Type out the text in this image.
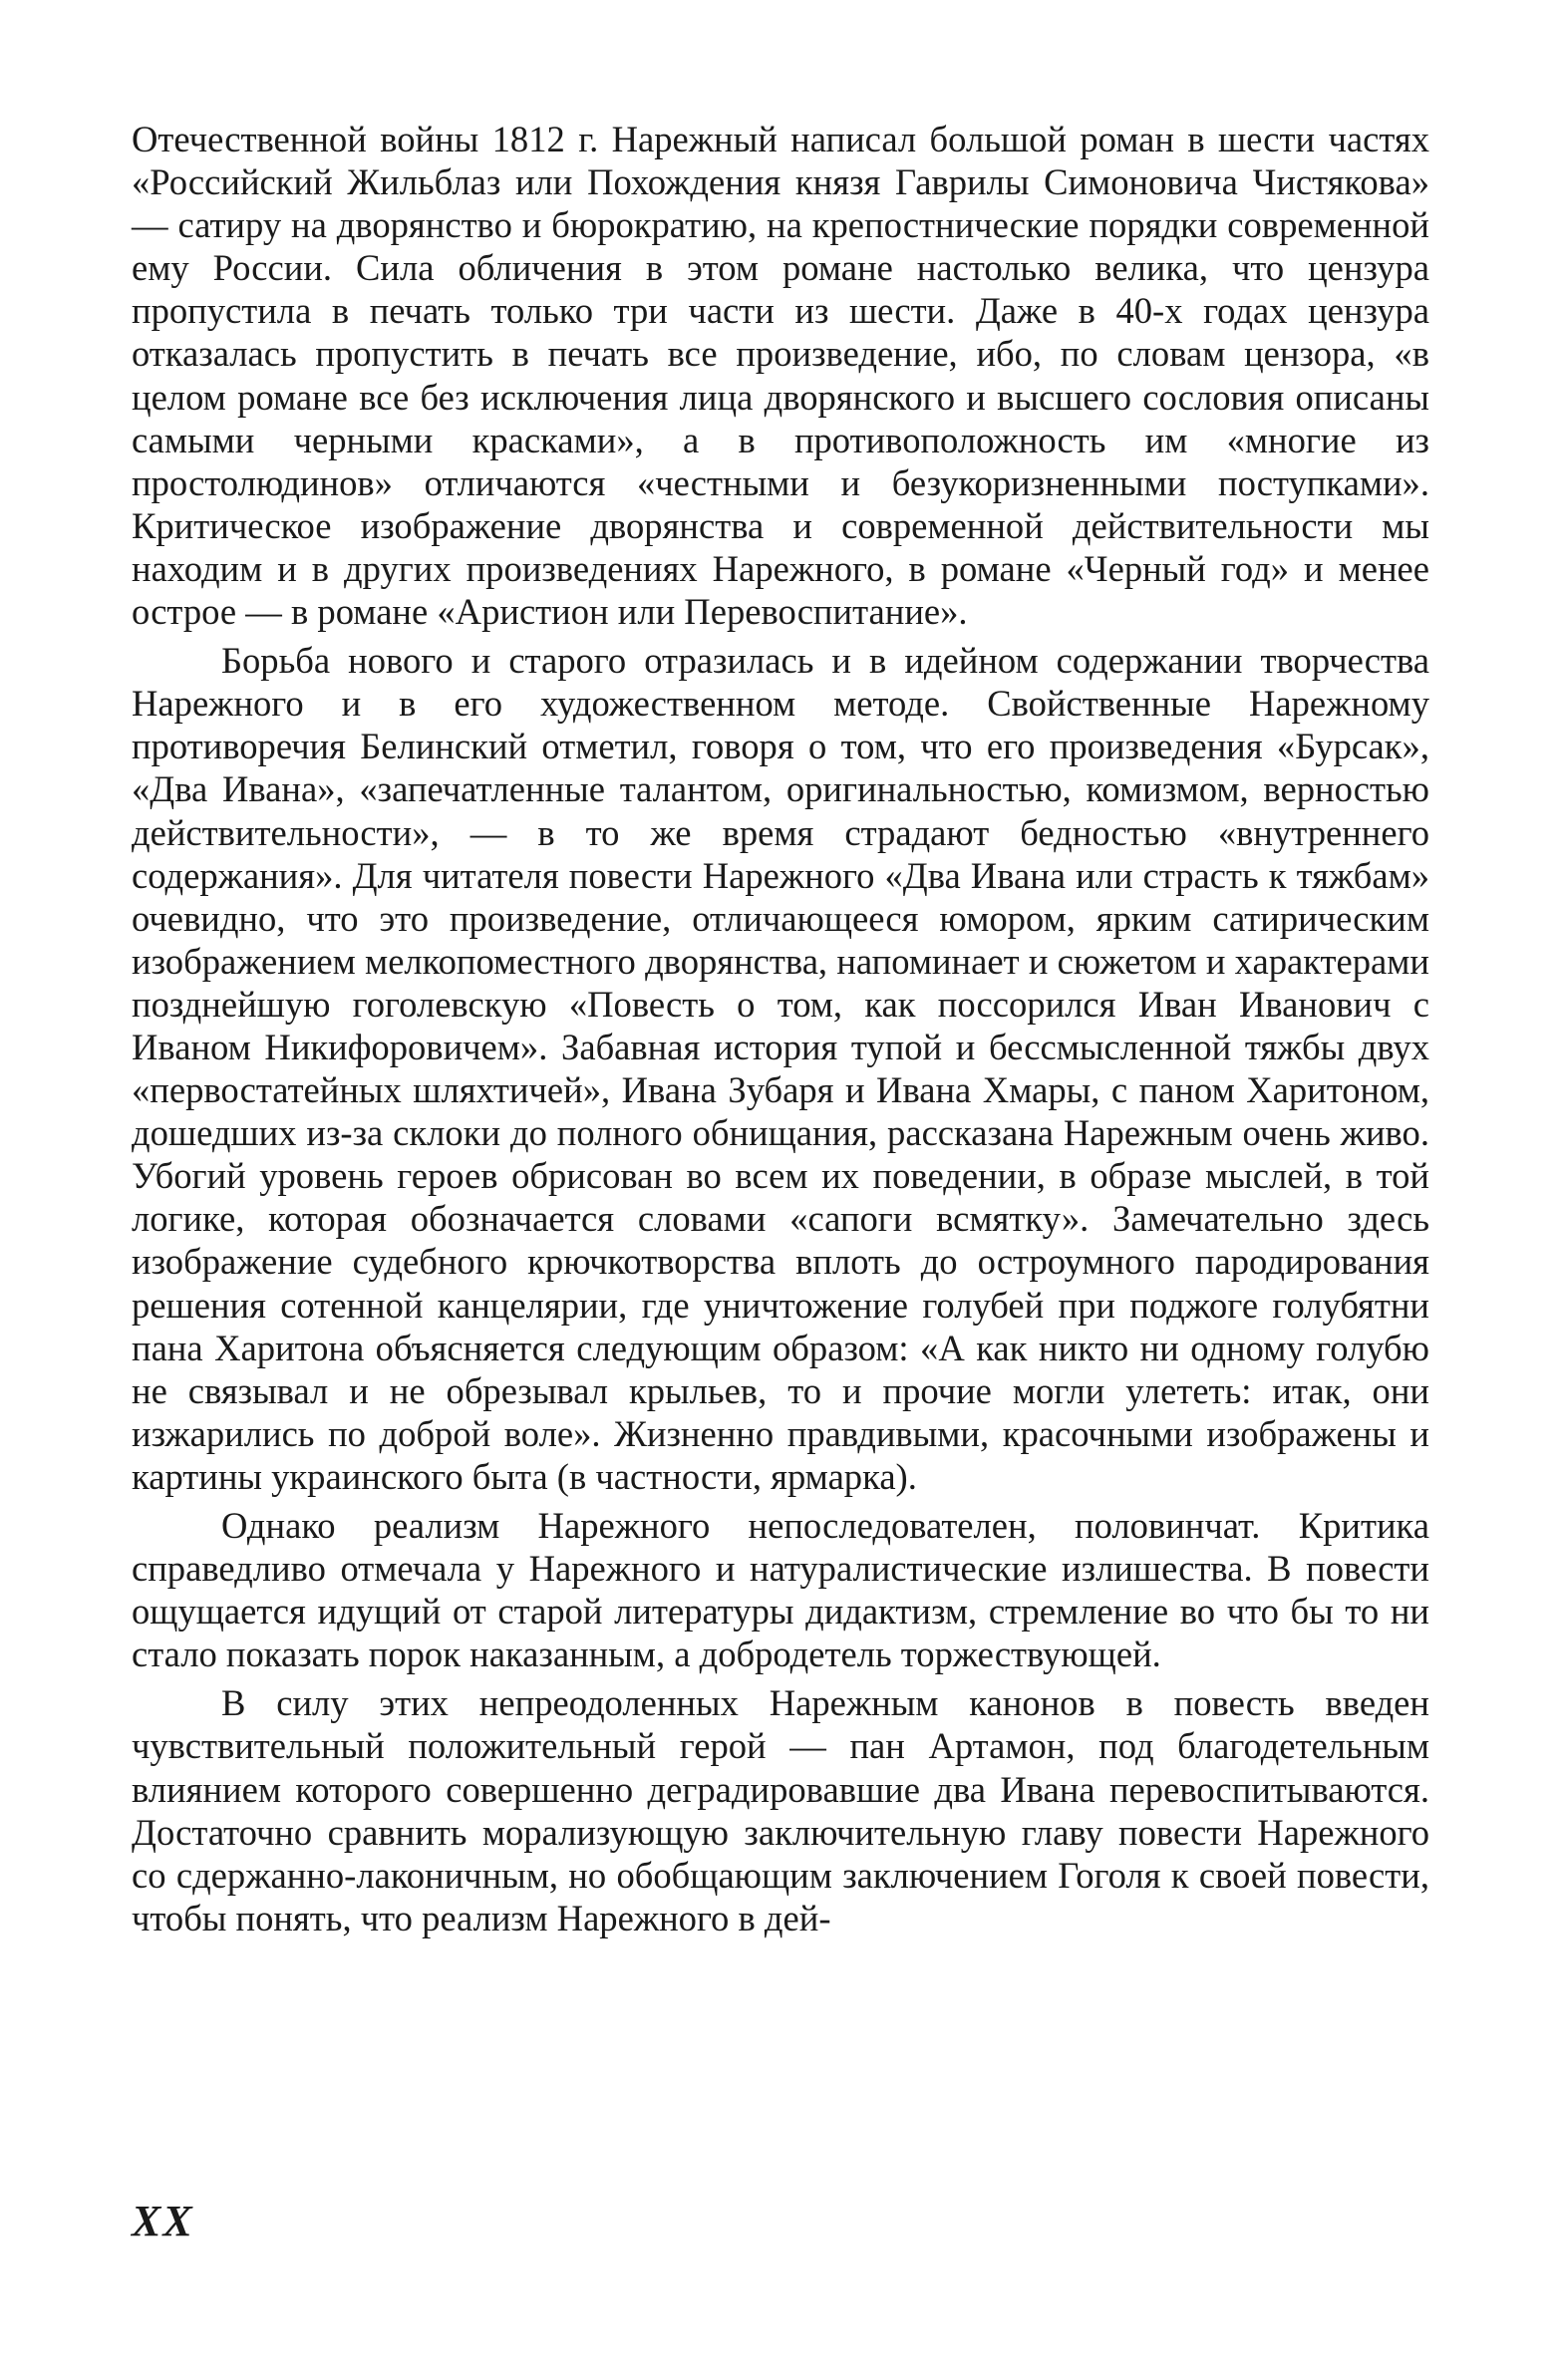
Отечественной войны 1812 г. Нарежный написал большой роман в шести частях «Российский Жильблаз или Похождения князя Гаврилы Симоновича Чистякова» — сатиру на дворянство и бюрократию, на крепостнические порядки современной ему России. Сила обличения в этом романе настолько велика, что цензура пропустила в печать только три части из шести. Даже в 40-х годах цензура отказалась пропустить в печать все произведение, ибо, по словам цензора, «в целом романе все без исключения лица дворянского и высшего сословия описаны самыми черными красками», а в противоположность им «многие из простолюдинов» отличаются «честными и безукоризненными поступками». Критическое изображение дворянства и современной действительности мы находим и в других произведениях Нарежного, в романе «Черный год» и менее острое — в романе «Аристион или Перевоспитание».

Борьба нового и старого отразилась и в идейном содержании творчества Нарежного и в его художественном методе. Свойственные Нарежному противоречия Белинский отметил, говоря о том, что его произведения «Бурсак», «Два Ивана», «запечатленные талантом, оригинальностью, комизмом, верностью действительности», — в то же время страдают бедностью «внутреннего содержания». Для читателя повести Нарежного «Два Ивана или страсть к тяжбам» очевидно, что это произведение, отличающееся юмором, ярким сатирическим изображением мелкопоместного дворянства, напоминает и сюжетом и характерами позднейшую гоголевскую «Повесть о том, как поссорился Иван Иванович с Иваном Никифоровичем». Забавная история тупой и бессмысленной тяжбы двух «первостатейных шляхтичей», Ивана Зубаря и Ивана Хмары, с паном Харитоном, дошедших из-за склоки до полного обнищания, рассказана Нарежным очень живо. Убогий уровень героев обрисован во всем их поведении, в образе мыслей, в той логике, которая обозначается словами «сапоги всмятку». Замечательно здесь изображение судебного крючкотворства вплоть до остроумного пародирования решения сотенной канцелярии, где уничтожение голубей при поджоге голубятни пана Харитона объясняется следующим образом: «А как никто ни одному голубю не связывал и не обрезывал крыльев, то и прочие могли улететь: итак, они изжарились по доброй воле». Жизненно правдивыми, красочными изображены и картины украинского быта (в частности, ярмарка).

Однако реализм Нарежного непоследователен, половинчат. Критика справедливо отмечала у Нарежного и натуралистические излишества. В повести ощущается идущий от старой литературы дидактизм, стремление во что бы то ни стало показать порок наказанным, а добродетель торжествующей.

В силу этих непреодоленных Нарежным канонов в повесть введен чувствительный положительный герой — пан Артамон, под благодетельным влиянием которого совершенно деградировавшие два Ивана перевоспитываются. Достаточно сравнить морализующую заключительную главу повести Нарежного со сдержанно-лаконичным, но обобщающим заключением Гоголя к своей повести, чтобы понять, что реализм Нарежного в дей-

XX
